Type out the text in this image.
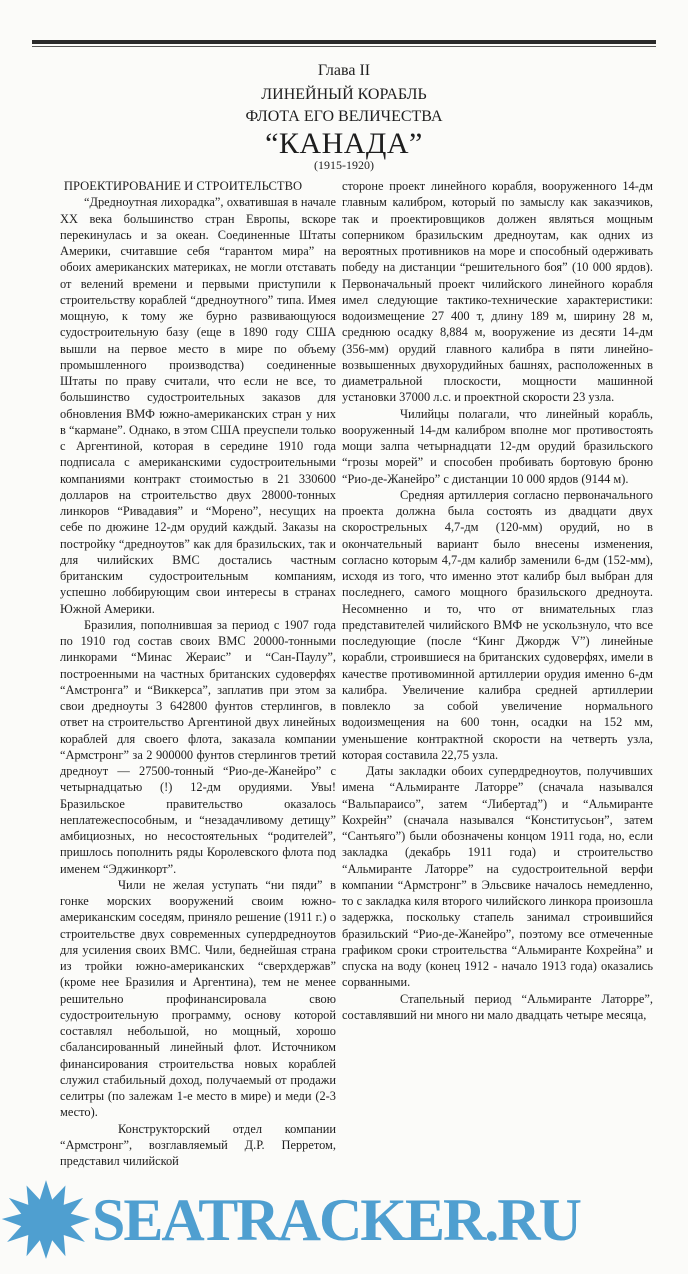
Глава II
ЛИНЕЙНЫЙ КОРАБЛЬ
ФЛОТА ЕГО ВЕЛИЧЕСТВА
“КАНАДА”
(1915-1920)
ПРОЕКТИРОВАНИЕ И СТРОИТЕЛЬСТВО

“Дредноутная лихорадка”, охватившая в начале XX века большинство стран Европы, вскоре перекинулась и за океан. Соединенные Штаты Америки, считавшие себя “гарантом мира” на обоих американских материках, не могли отставать от велений времени и первыми приступили к строительству кораблей “дредноутного” типа. Имея мощную, к тому же бурно развивающуюся судостроительную базу (еще в 1890 году США вышли на первое место в мире по объему промышленного производства) соединенные Штаты по праву считали, что если не все, то большинство судостроительных заказов для обновления ВМФ южно-американских стран у них в “кармане”. Однако, в этом США преуспели только с Аргентиной, которая в середине 1910 года подписала с американскими судостроительными компаниями контракт стоимостью в 21 330600 долларов на строительство двух 28000-тонных линкоров “Ривадавия” и “Морено”, несущих на себе по дюжине 12-дм орудий каждый. Заказы на постройку “дредноутов” как для бразильских, так и для чилийских ВМС достались частным британским судостроительным компаниям, успешно лоббирующим свои интересы в странах Южной Америки.

Бразилия, пополнившая за период с 1907 года по 1910 год состав своих ВМС 20000-тонными линкорами “Минас Жераис” и “Сан-Паулу”, построенными на частных британских судоверфях “Амстронга” и “Виккерса”, заплатив при этом за свои дредноуты 3 642800 фунтов стерлингов, в ответ на строительство Аргентиной двух линейных кораблей для своего флота, заказала компании “Армстронг” за 2 900000 фунтов стерлингов третий дредноут — 27500-тонный “Рио-де-Жанейро” с четырнадцатью (!) 12-дм орудиями. Увы! Бразильское правительство оказалось неплатежеспособным, и “незадачливому детищу” амбициозных, но несостоятельных “родителей”, пришлось пополнить ряды Королевского флота под именем “Эджинкорт”.

Чили не желая уступать “ни пяди” в гонке морских вооружений своим южно-американским соседям, приняло решение (1911 г.) о строительстве двух современных супердредноутов для усиления своих ВМС. Чили, беднейшая страна из тройки южно-американских “сверхдержав” (кроме нее Бразилия и Аргентина), тем не менее решительно профинансировала свою судостроительную программу, основу которой составлял небольшой, но мощный, хорошо сбалансированный линейный флот. Источником финансирования строительства новых кораблей служил стабильный доход, получаемый от продажи селитры (по залежам 1-е место в мире) и меди (2-3 место).

Конструкторский отдел компании “Армстронг”, возглавляемый Д.Р. Перретом, представил чилийской

стороне проект линейного корабля, вооруженного 14-дм главным калибром, который по замыслу как заказчиков, так и проектировщиков должен являться мощным соперником бразильским дредноутам, как одних из вероятных противников на море и способный одерживать победу на дистанции “решительного боя” (10 000 ярдов). Первоначальный проект чилийского линейного корабля имел следующие тактико-технические характеристики: водоизмещение 27 400 т, длину 189 м, ширину 28 м, среднюю осадку 8,884 м, вооружение из десяти 14-дм (356-мм) орудий главного калибра в пяти линейно-возвышенных двухорудийных башнях, расположенных в диаметральной плоскости, мощности машинной установки 37000 л.с. и проектной скорости 23 узла.

Чилийцы полагали, что линейный корабль, вооруженный 14-дм калибром вполне мог противостоять мощи залпа четырнадцати 12-дм орудий бразильского “грозы морей” и способен пробивать бортовую броню “Рио-де-Жанейро” с дистанции 10 000 ярдов (9144 м).

Средняя артиллерия согласно первоначального проекта должна была состоять из двадцати двух скорострельных 4,7-дм (120-мм) орудий, но в окончательный вариант было внесены изменения, согласно которым 4,7-дм калибр заменили 6-дм (152-мм), исходя из того, что именно этот калибр был выбран для последнего, самого мощного бразильского дредноута. Несомненно и то, что от внимательных глаз представителей чилийского ВМФ не ускользнуло, что все последующие (после “Кинг Джордж V”) линейные корабли, строившиеся на британских судоверфях, имели в качестве противоминной артиллерии орудия именно 6-дм калибра. Увеличение калибра средней артиллерии повлекло за собой увеличение нормального водоизмещения на 600 тонн, осадки на 152 мм, уменьшение контрактной скорости на четверть узла, которая составила 22,75 узла.

Даты закладки обоих супердредноутов, получивших имена “Альмиранте Латорре” (сначала назывался “Вальпараисо”, затем “Либертад”) и “Альмиранте Кохрейн” (сначала назывался “Конститусьон”, затем “Сантьяго”) были обозначены концом 1911 года, но, если закладка (декабрь 1911 года) и строительство “Альмиранте Латорре” на судостроительной верфи компании “Армстронг” в Эльсвике началось немедленно, то с закладка киля второго чилийского линкора произошла задержка, поскольку стапель занимал строившийся бразильский “Рио-де-Жанейро”, поэтому все отмеченные графиком сроки строительства “Альмиранте Кохрейна” и спуска на воду (конец 1912 - начало 1913 года) оказались сорванными.

Стапельный период “Альмиранте Латорре”, составлявший ни много ни мало двадцать четыре месяца,

SEATRACKER.RU
